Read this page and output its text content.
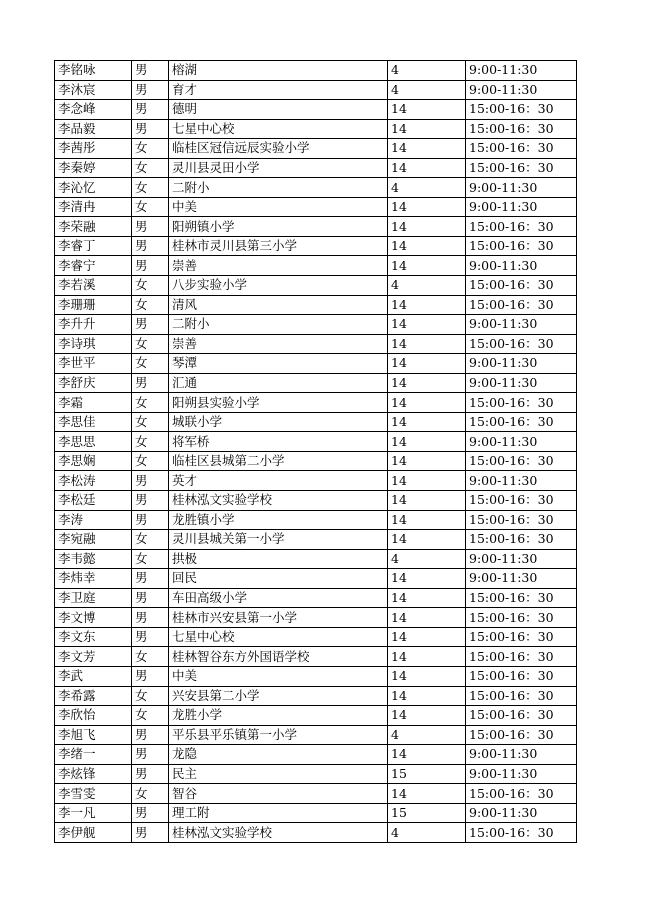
李铭咏	男	榕湖	4	9:00-11:30
李沐宸	男	育才	4	9:00-11:30
李念峰	男	德明	14	15:00-16：30
李品毅	男	七星中心校	14	15:00-16：30
李茜彤	女	临桂区冠信远辰实验小学	14	15:00-16：30
李秦婷	女	灵川县灵田小学	14	15:00-16：30
李沁忆	女	二附小	4	9:00-11:30
李清冉	女	中美	14	9:00-11:30
李荣融	男	阳朔镇小学	14	15:00-16：30
李睿丁	男	桂林市灵川县第三小学	14	15:00-16：30
李睿宁	男	崇善	14	9:00-11:30
李若溪	女	八步实验小学	4	15:00-16：30
李珊珊	女	清风	14	15:00-16：30
李升升	男	二附小	14	9:00-11:30
李诗琪	女	崇善	14	15:00-16：30
李世平	女	琴潭	14	9:00-11:30
李舒庆	男	汇通	14	9:00-11:30
李霜	女	阳朔县实验小学	14	15:00-16：30
李思佳	女	城联小学	14	15:00-16：30
李思思	女	将军桥	14	9:00-11:30
李思娴	女	临桂区县城第二小学	14	15:00-16：30
李松涛	男	英才	14	9:00-11:30
李松廷	男	桂林泓文实验学校	14	15:00-16：30
李涛	男	龙胜镇小学	14	15:00-16：30
李宛融	女	灵川县城关第一小学	14	15:00-16：30
李韦懿	女	拱极	4	9:00-11:30
李炜幸	男	回民	14	9:00-11:30
李卫庭	男	车田高级小学	14	15:00-16：30
李文博	男	桂林市兴安县第一小学	14	15:00-16：30
李文东	男	七星中心校	14	15:00-16：30
李文芳	女	桂林智谷东方外国语学校	14	15:00-16：30
李武	男	中美	14	15:00-16：30
李希露	女	兴安县第二小学	14	15:00-16：30
李欣怡	女	龙胜小学	14	15:00-16：30
李旭飞	男	平乐县平乐镇第一小学	4	15:00-16：30
李绪一	男	龙隐	14	9:00-11:30
李炫锋	男	民主	15	9:00-11:30
李雪雯	女	智谷	14	15:00-16：30
李一凡	男	理工附	15	9:00-11:30
李伊舰	男	桂林泓文实验学校	4	15:00-16：30
